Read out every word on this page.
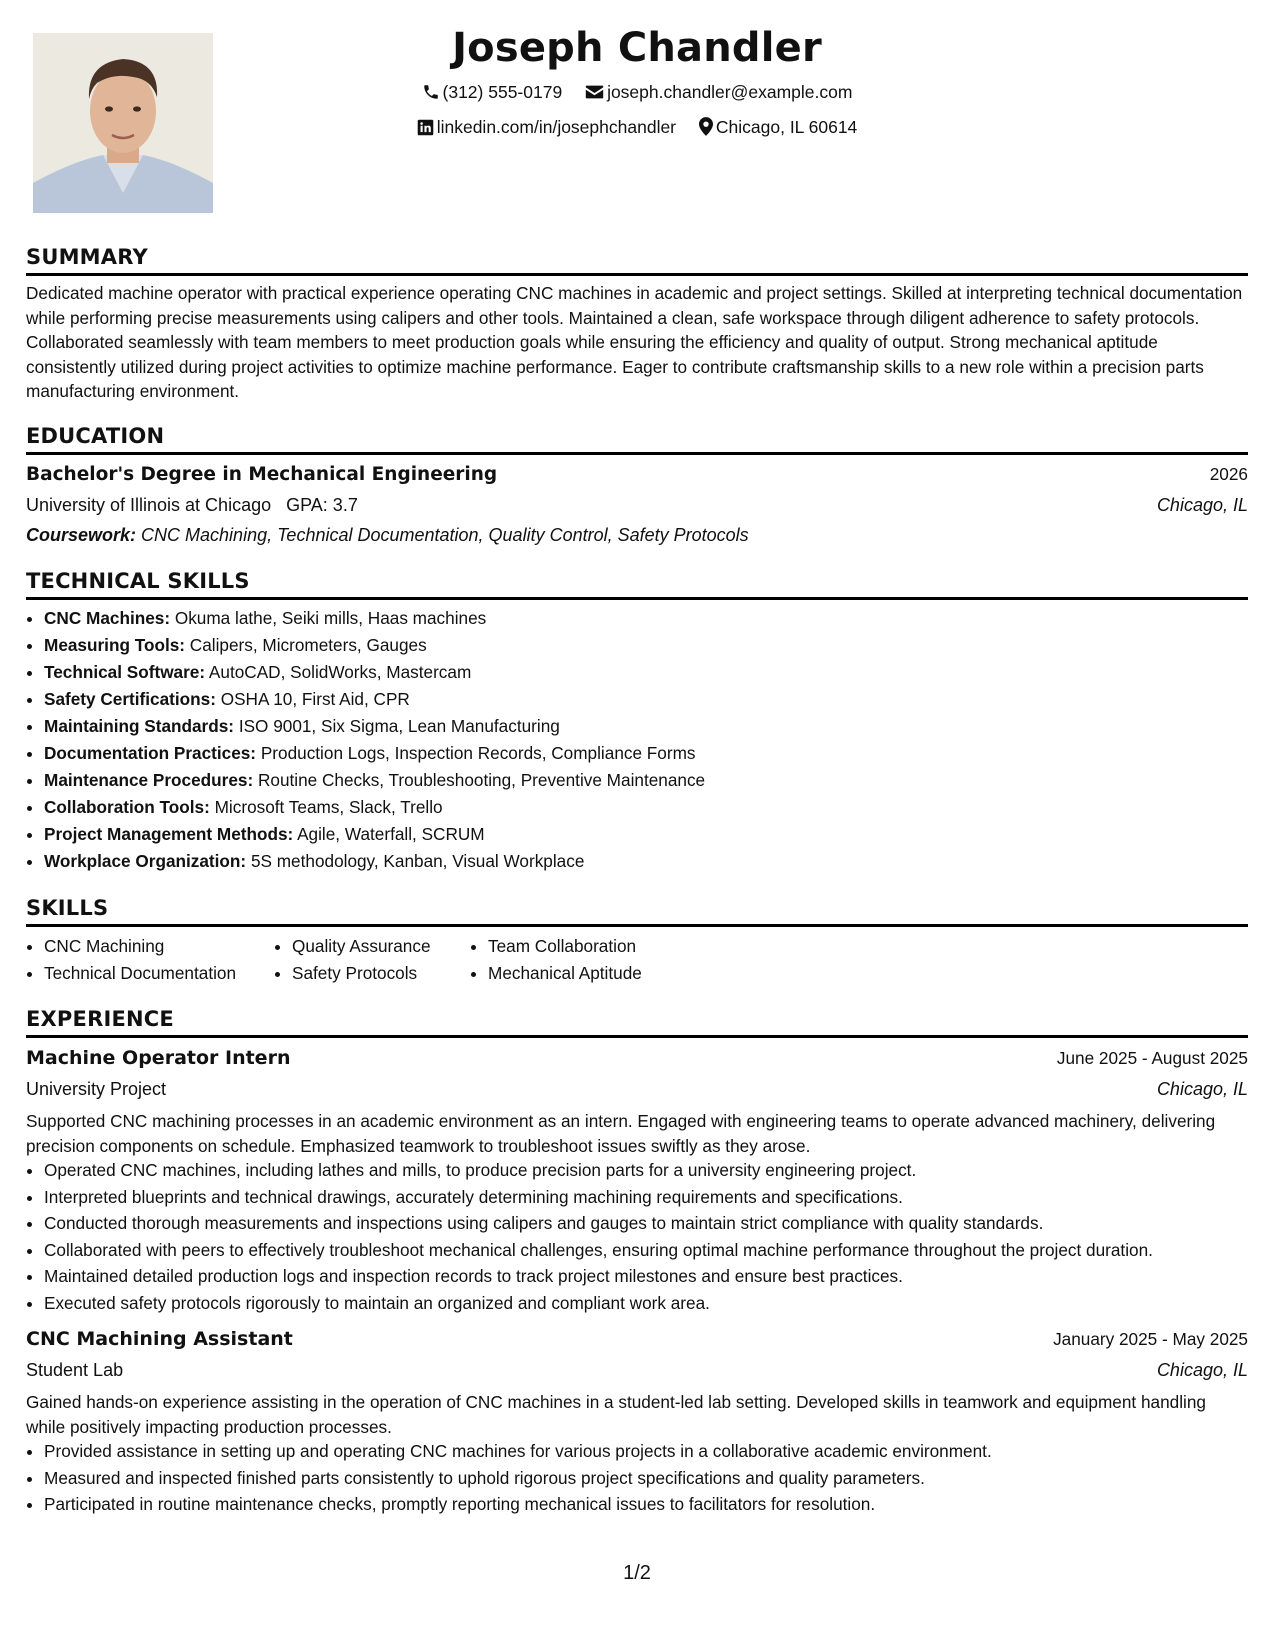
Joseph Chandler
(312) 555-0179	joseph.chandler@example.com
linkedin.com/in/josephchandler Chicago, IL 60614
SUMMARY

Dedicated machine operator with practical experience operating CNC machines in academic and project settings. Skilled at interpreting technical documentation while performing precise measurements using calipers and other tools. Maintained a clean, safe workspace through diligent adherence to safety protocols. Collaborated seamlessly with team members to meet production goals while ensuring the efficiency and quality of output. Strong mechanical aptitude consistently utilized during project activities to optimize machine performance. Eager to contribute craftsmanship skills to a new role within a precision parts manufacturing environment.

EDUCATION
Bachelor's Degree in Mechanical Engineering	2026
University of Illinois at Chicago GPA: 3.7	Chicago, IL
Coursework: CNC Machining, Technical Documentation, Quality Control, Safety Protocols
TECHNICAL SKILLS
• CNC Machines: Okuma lathe, Seiki mills, Haas machines
• Measuring Tools: Calipers, Micrometers, Gauges
• Technical Software: AutoCAD, SolidWorks, Mastercam
• Safety Certifications: OSHA 10, First Aid, CPR
• Maintaining Standards: ISO 9001, Six Sigma, Lean Manufacturing
• Documentation Practices: Production Logs, Inspection Records, Compliance Forms
• Maintenance Procedures: Routine Checks, Troubleshooting, Preventive Maintenance
• Collaboration Tools: Microsoft Teams, Slack, Trello
• Project Management Methods: Agile, Waterfall, SCRUM
• Workplace Organization: 5S methodology, Kanban, Visual Workplace
SKILLS
• CNC Machining
• Technical Documentation
• Quality Assurance
• Safety Protocols
• Team Collaboration
• Mechanical Aptitude
EXPERIENCE
Machine Operator Intern	June 2025 - August 2025
University Project	Chicago, IL

Supported CNC machining processes in an academic environment as an intern. Engaged with engineering teams to operate advanced machinery, delivering precision components on schedule. Emphasized teamwork to troubleshoot issues swiftly as they arose.

• Operated CNC machines, including lathes and mills, to produce precision parts for a university engineering project.
• Interpreted blueprints and technical drawings, accurately determining machining requirements and specifications.
• Conducted thorough measurements and inspections using calipers and gauges to maintain strict compliance with quality standards.
• Collaborated with peers to effectively troubleshoot mechanical challenges, ensuring optimal machine performance throughout the project duration.
• Maintained detailed production logs and inspection records to track project milestones and ensure best practices.
• Executed safety protocols rigorously to maintain an organized and compliant work area.
CNC Machining Assistant	January 2025 - May 2025
Student Lab	Chicago, IL

Gained hands-on experience assisting in the operation of CNC machines in a student-led lab setting. Developed skills in teamwork and equipment handling while positively impacting production processes.

• Provided assistance in setting up and operating CNC machines for various projects in a collaborative academic environment.
• Measured and inspected finished parts consistently to uphold rigorous project specifications and quality parameters.
• Participated in routine maintenance checks, promptly reporting mechanical issues to facilitators for resolution.
1/2
